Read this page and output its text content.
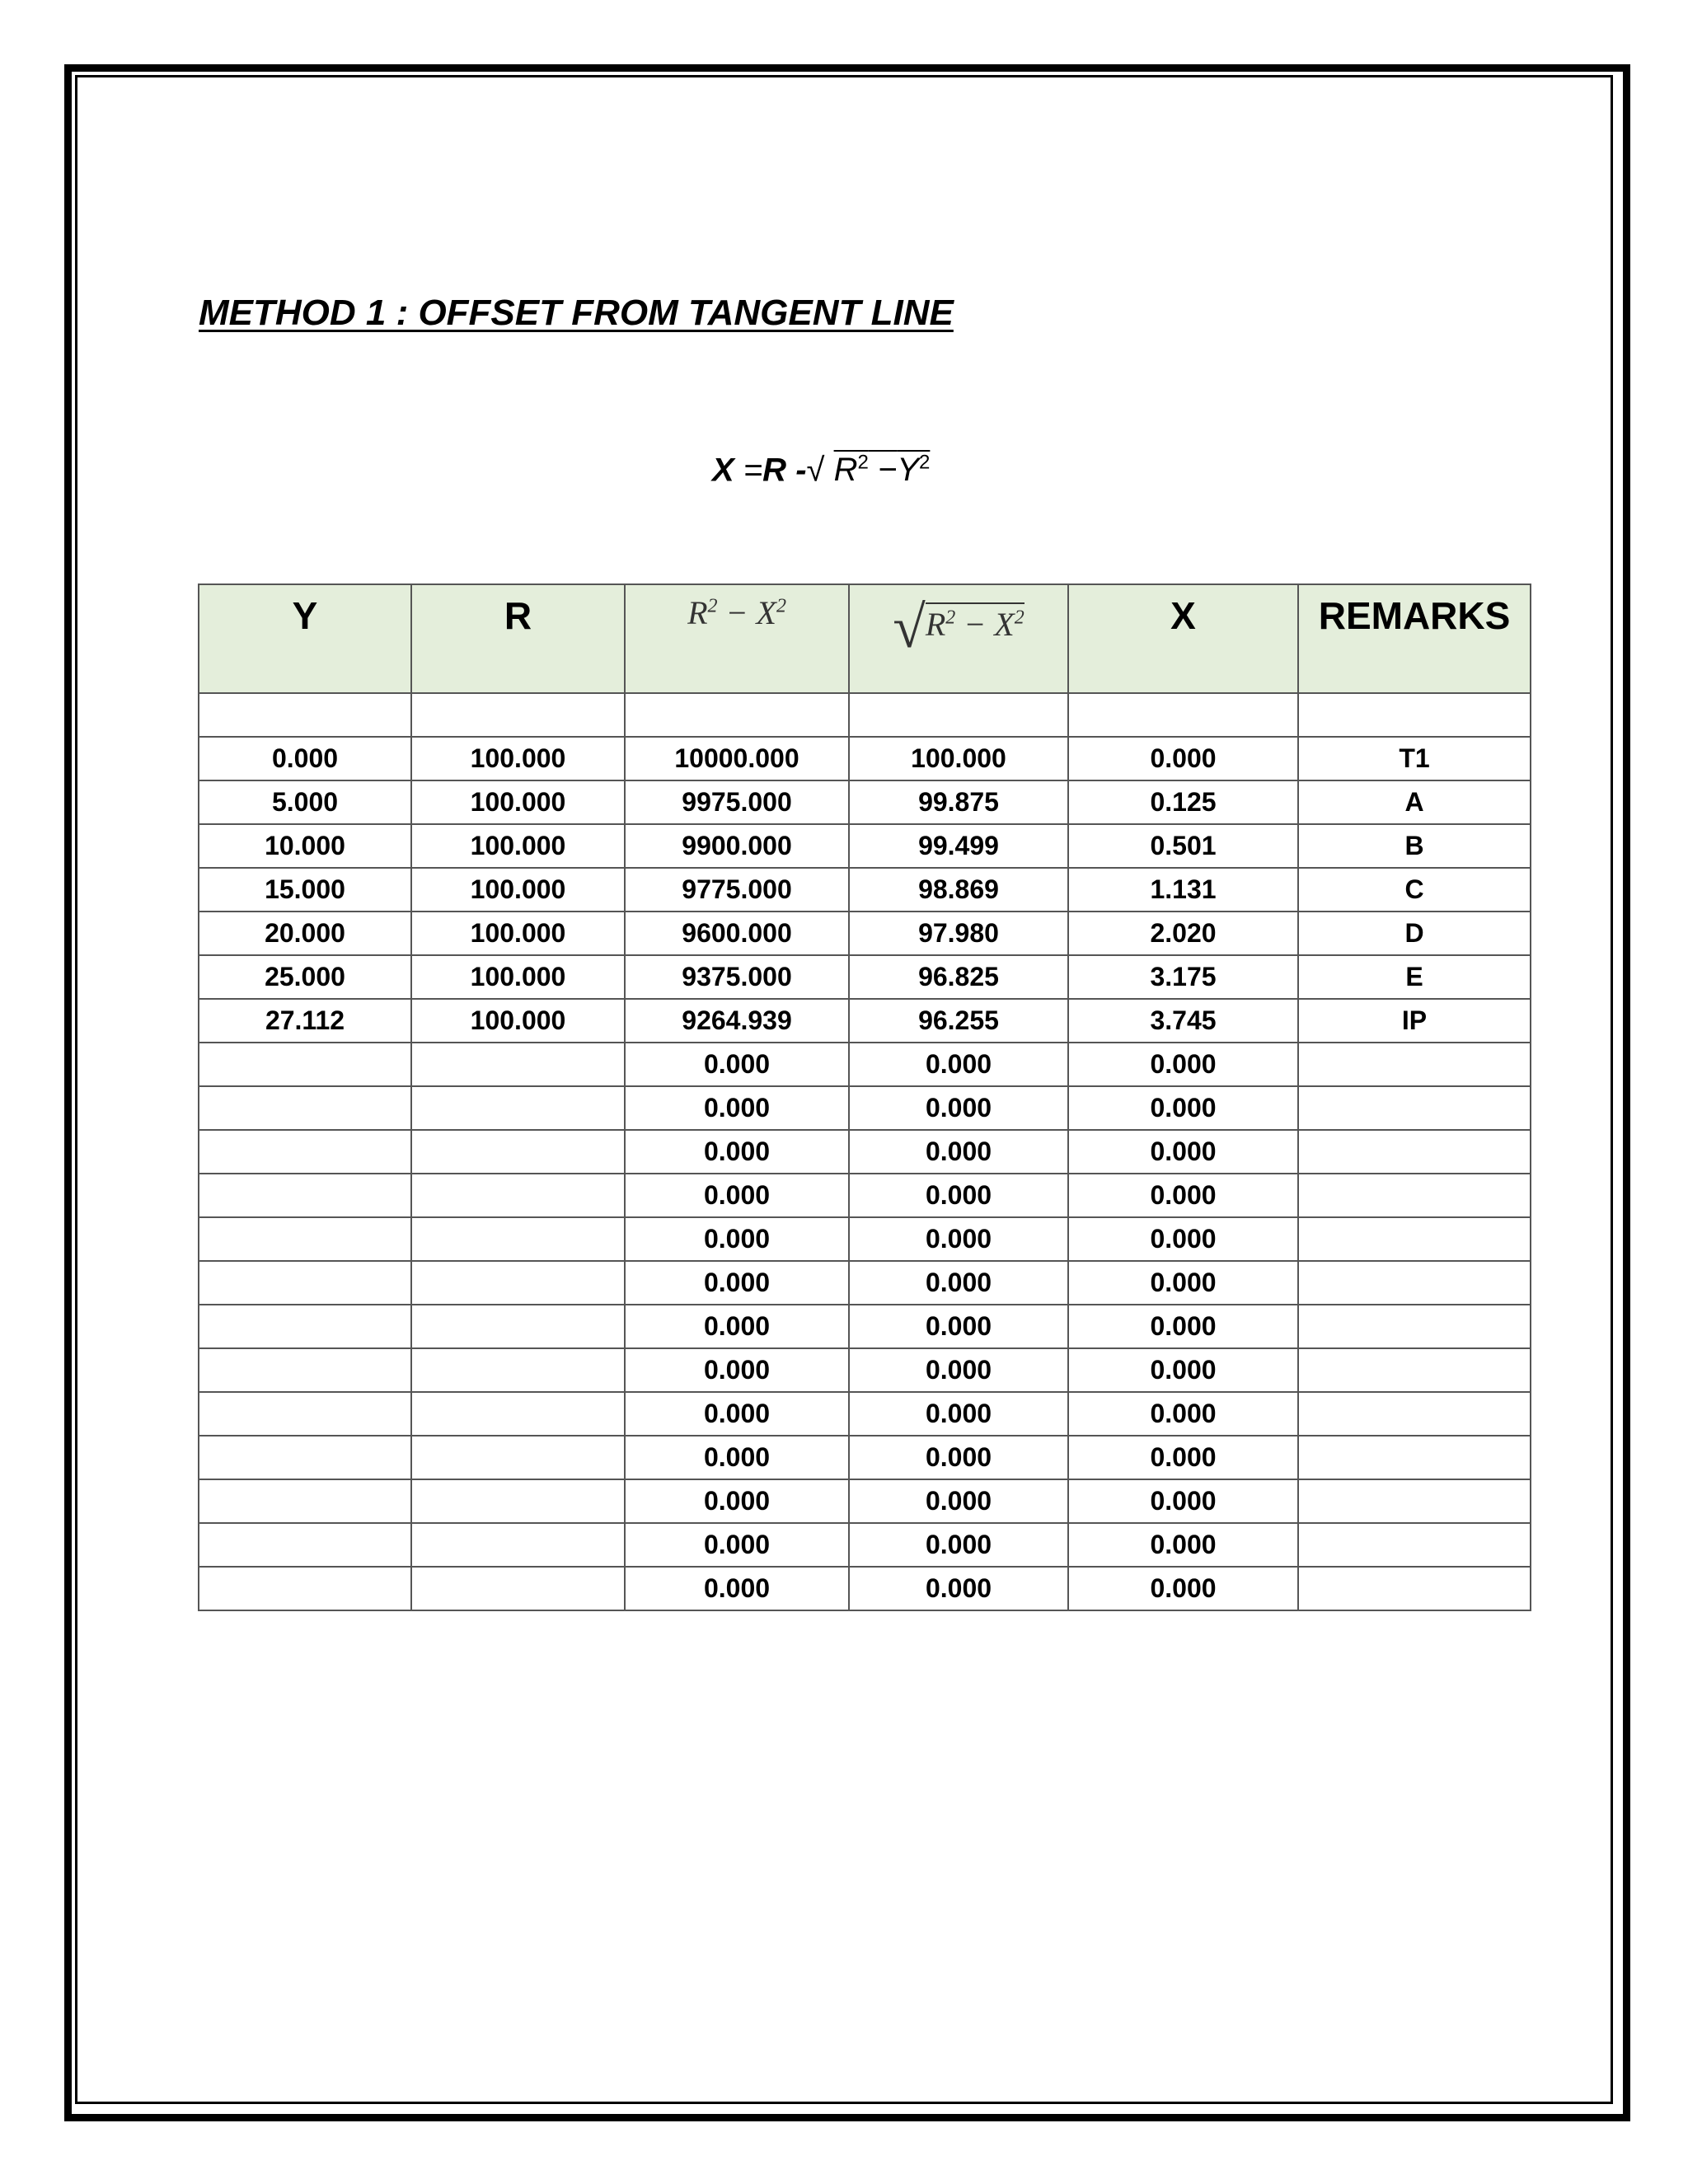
METHOD 1 : OFFSET FROM TANGENT LINE
X =R -√ $R^2 -Y^2$
Y	R	$R^2 - X^2$	$√R^2 - X^2$	X	REMARKS

0.000	100.000	10000.000	100.000	0.000	T1
5.000	100.000	9975.000	99.875	0.125	A
10.000	100.000	9900.000	99.499	0.501	B
15.000	100.000	9775.000	98.869	1.131	C
20.000	100.000	9600.000	97.980	2.020	D
25.000	100.000	9375.000	96.825	3.175	E
27.112	100.000	9264.939	96.255	3.745	IP
		0.000	0.000	0.000	
		0.000	0.000	0.000	
		0.000	0.000	0.000	
		0.000	0.000	0.000	
		0.000	0.000	0.000	
		0.000	0.000	0.000	
		0.000	0.000	0.000	
		0.000	0.000	0.000	
		0.000	0.000	0.000	
		0.000	0.000	0.000	
		0.000	0.000	0.000	
		0.000	0.000	0.000	
		0.000	0.000	0.000	
